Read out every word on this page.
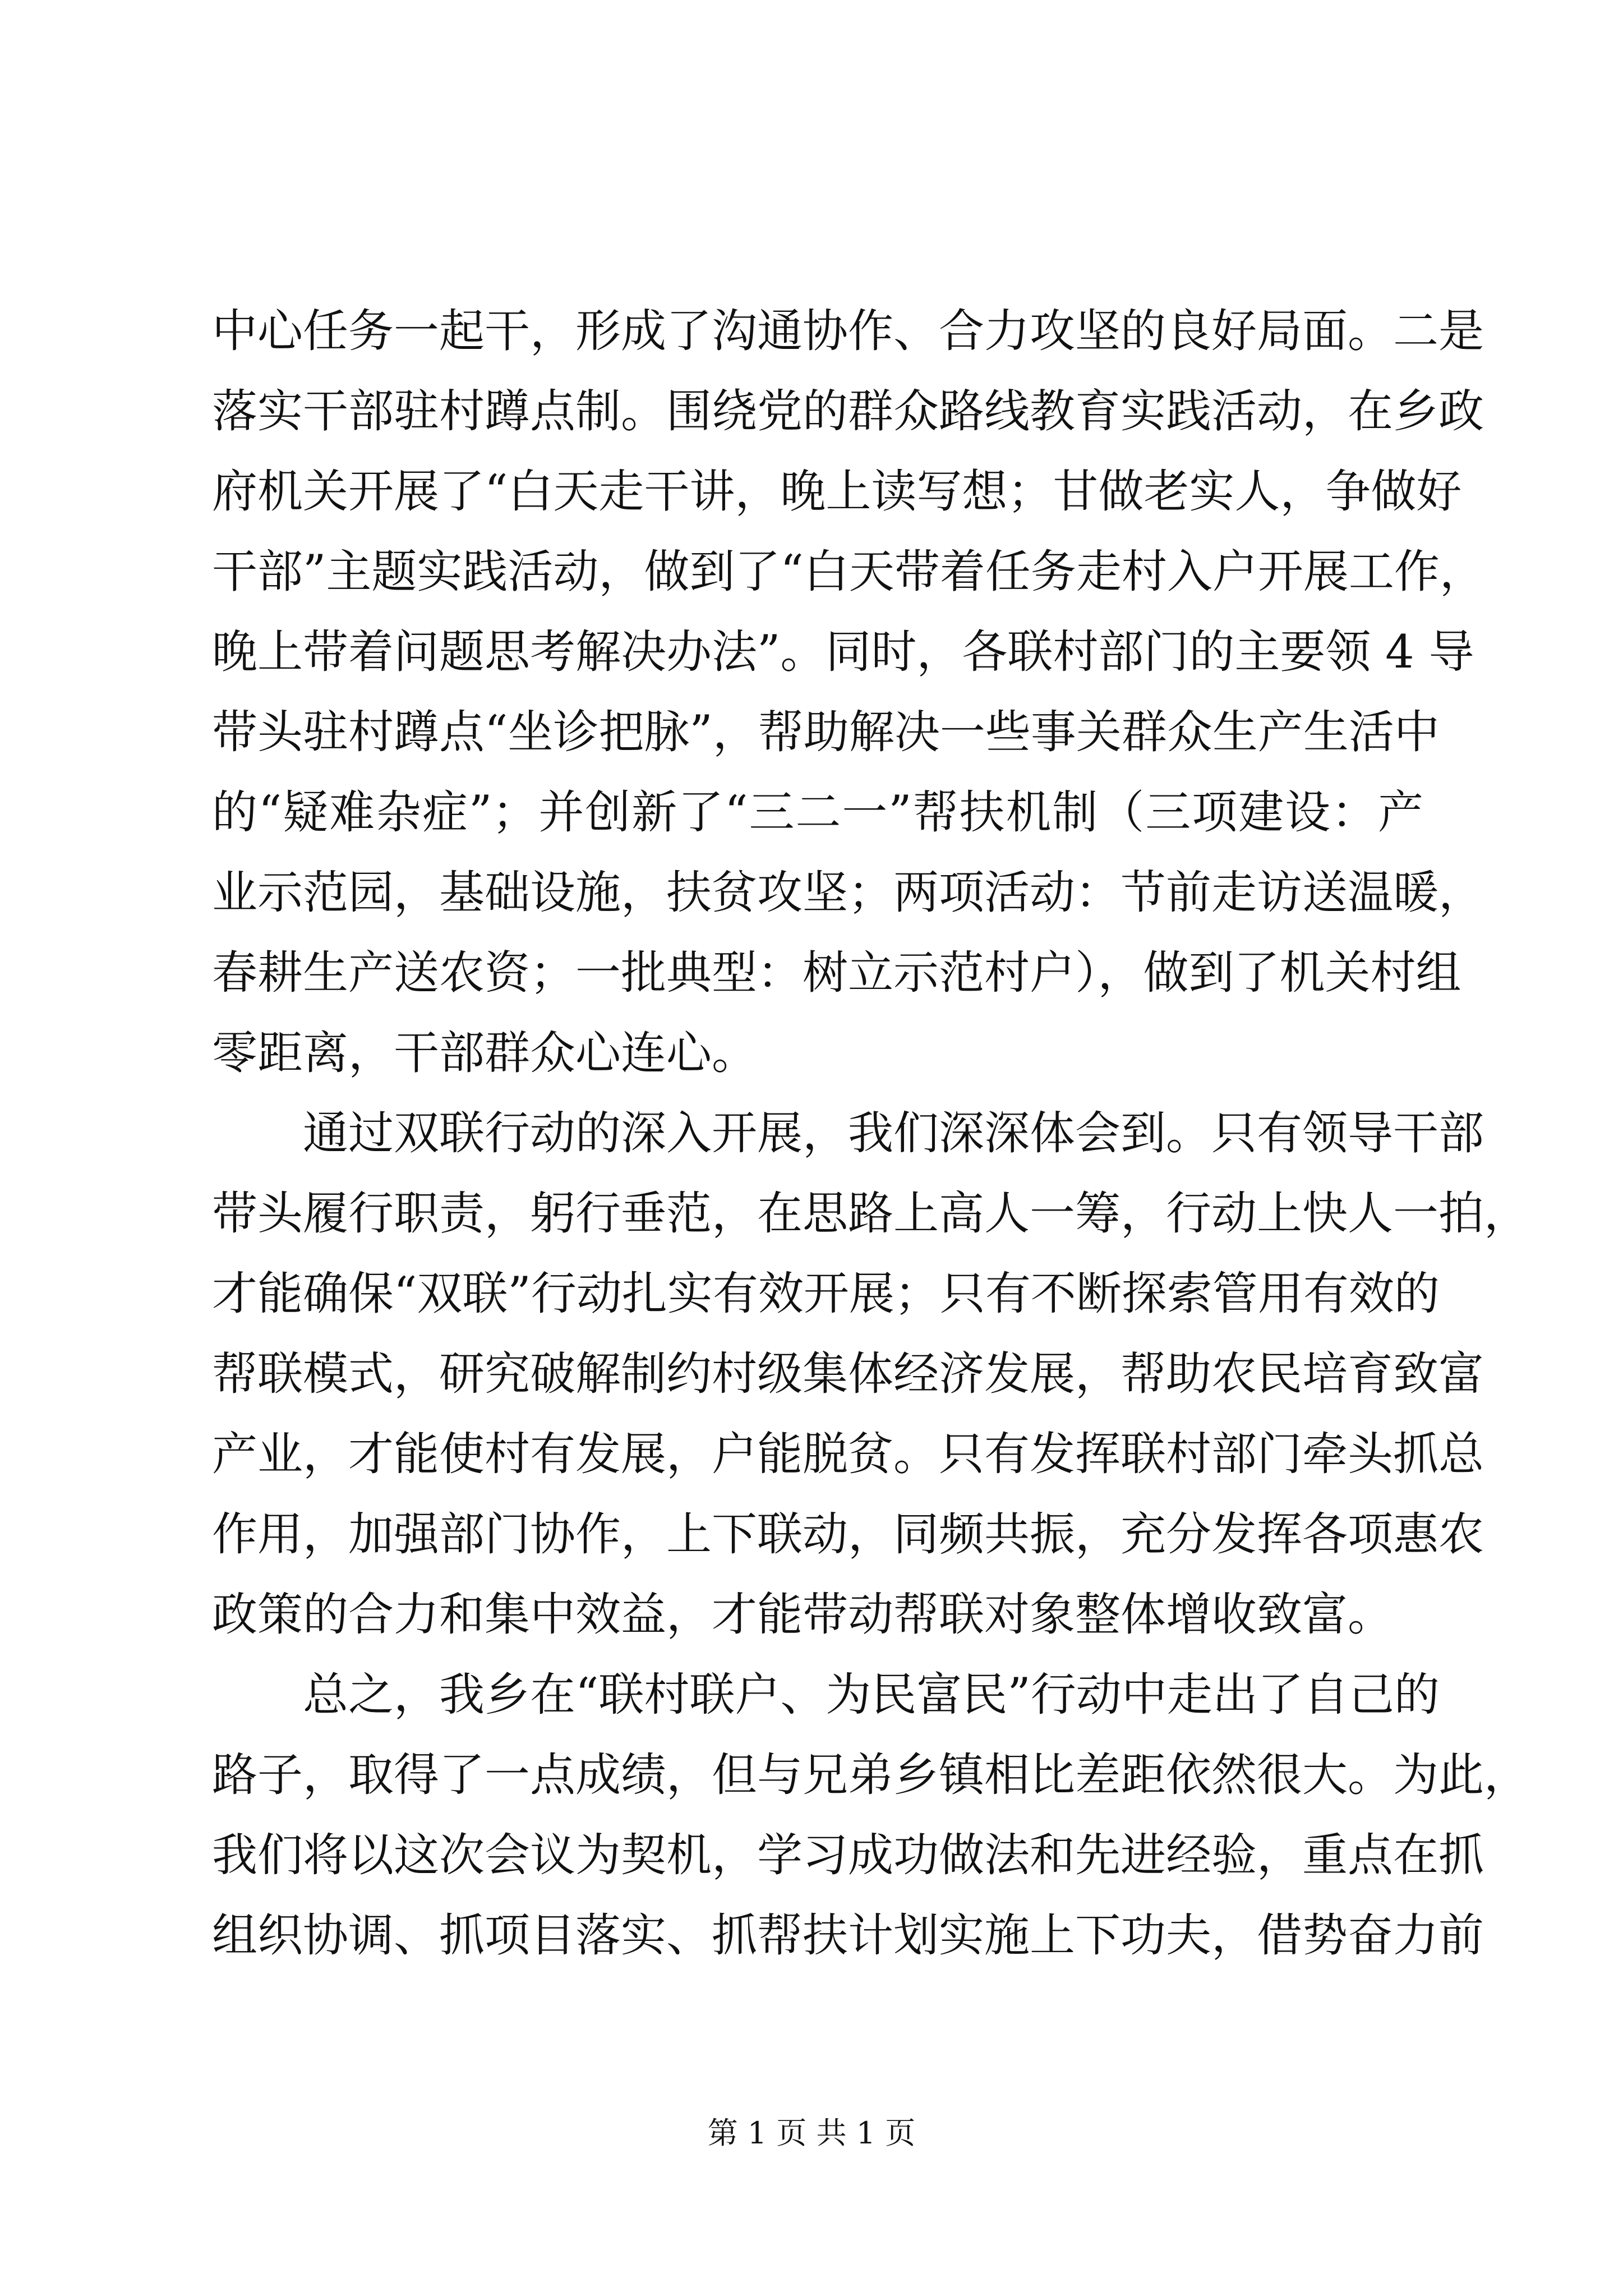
中心任务一起干，形成了沟通协作、合力攻坚的良好局面。二是
落实干部驻村蹲点制。围绕党的群众路线教育实践活动，在乡政
府机关开展了“白天走干讲，晚上读写想；甘做老实人，争做好
干部”主题实践活动，做到了“白天带着任务走村入户开展工作，
晚上带着问题思考解决办法”。同时，各联村部门的主要领 4 导
带头驻村蹲点“坐诊把脉”，帮助解决一些事关群众生产生活中
的“疑难杂症”；并创新了“三二一”帮扶机制（三项建设：产
业示范园，基础设施，扶贫攻坚；两项活动：节前走访送温暖，
春耕生产送农资；一批典型：树立示范村户），做到了机关村组
零距离，干部群众心连心。
通过双联行动的深入开展，我们深深体会到。只有领导干部
带头履行职责，躬行垂范，在思路上高人一筹，行动上快人一拍，
才能确保“双联”行动扎实有效开展；只有不断探索管用有效的
帮联模式，研究破解制约村级集体经济发展，帮助农民培育致富
产业，才能使村有发展，户能脱贫。只有发挥联村部门牵头抓总
作用，加强部门协作，上下联动，同频共振，充分发挥各项惠农
政策的合力和集中效益，才能带动帮联对象整体增收致富。
总之，我乡在“联村联户、为民富民”行动中走出了自己的
路子，取得了一点成绩，但与兄弟乡镇相比差距依然很大。为此，
我们将以这次会议为契机，学习成功做法和先进经验，重点在抓
组织协调、抓项目落实、抓帮扶计划实施上下功夫，借势奋力前
第 1 页 共 1 页
